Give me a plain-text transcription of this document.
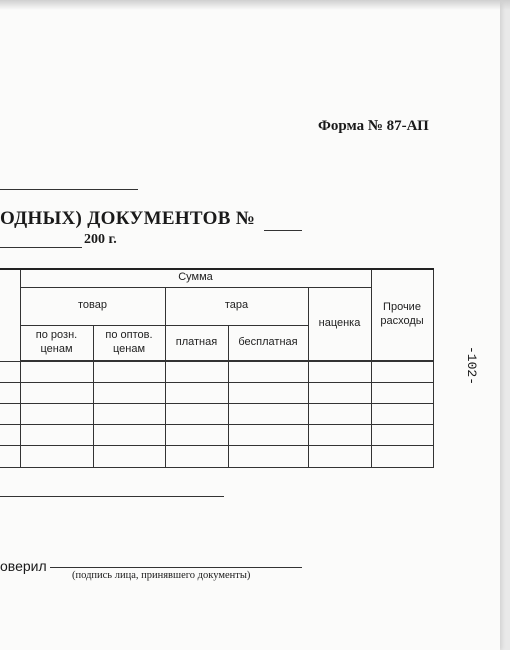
Форма № 87-АП
ОДНЫХ) ДОКУМЕНТОВ №
200 г.
	Сумма					Прочие расходы
	товар		тара		наценка	
	по розн. ценам	по оптов. ценам	платная	бесплатная		

-102-
оверил
(подпись лица, принявшего документы)
